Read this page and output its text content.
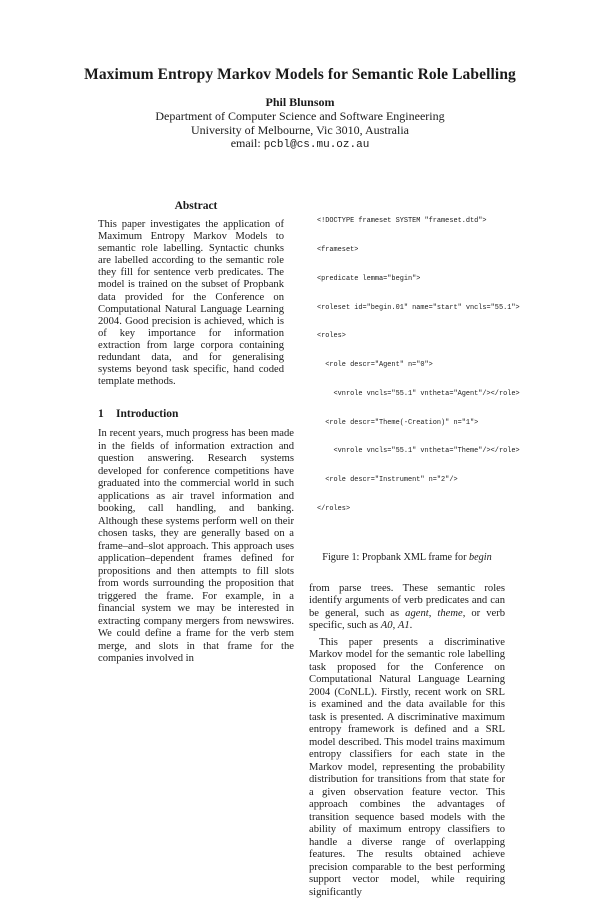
Maximum Entropy Markov Models for Semantic Role Labelling
Phil Blunsom
Department of Computer Science and Software Engineering
University of Melbourne, Vic 3010, Australia
email: pcbl@cs.mu.oz.au
Abstract

This paper investigates the application of Maximum Entropy Markov Models to semantic role labelling. Syntactic chunks are labelled according to the semantic role they fill for sentence verb predicates. The model is trained on the subset of Propbank data provided for the Conference on Computational Natural Language Learning 2004. Good precision is achieved, which is of key importance for information extraction from large corpora containing redundant data, and for generalising systems beyond task specific, hand coded template methods.

1 Introduction

In recent years, much progress has been made in the fields of information extraction and question answering. Research systems developed for conference competitions have graduated into the commercial world in such applications as air travel information and booking, call handling, and banking. Although these systems perform well on their chosen tasks, they are generally based on a frame–and–slot approach. This approach uses application–dependent frames defined for propositions and then attempts to fill slots from words surrounding the proposition that triggered the frame. For example, in a financial system we may be interested in extracting company mergers from newswires. We could define a frame for the verb stem merge, and slots in that frame for the companies involved in

<!DOCTYPE frameset SYSTEM "frameset.dtd">

<frameset>

<predicate lemma="begin">

<roleset id="begin.01" name="start" vncls="55.1">

<roles>

<role descr="Agent" n="0">

<vnrole vncls="55.1" vntheta="Agent"/></role>

<role descr="Theme(-Creation)" n="1">

<vnrole vncls="55.1" vntheta="Theme"/></role>

<role descr="Instrument" n="2"/>

</roles>

Figure 1: Propbank XML frame for begin

from parse trees. These semantic roles identify arguments of verb predicates and can be general, such as agent, theme, or verb specific, such as A0, A1.

This paper presents a discriminative Markov model for the semantic role labelling task proposed for the Conference on Computational Natural Language Learning 2004 (CoNLL). Firstly, recent work on SRL is examined and the data available for this task is presented. A discriminative maximum entropy framework is defined and a SRL model described. This model trains maximum entropy classifiers for each state in the Markov model, representing the probability distribution for transitions from that state for a given observation feature vector. This approach combines the advantages of transition sequence based models with the ability of maximum entropy classifiers to handle a diverse range of overlapping features. The results obtained achieve precision comparable to the best performing support vector model, while requiring significantly
